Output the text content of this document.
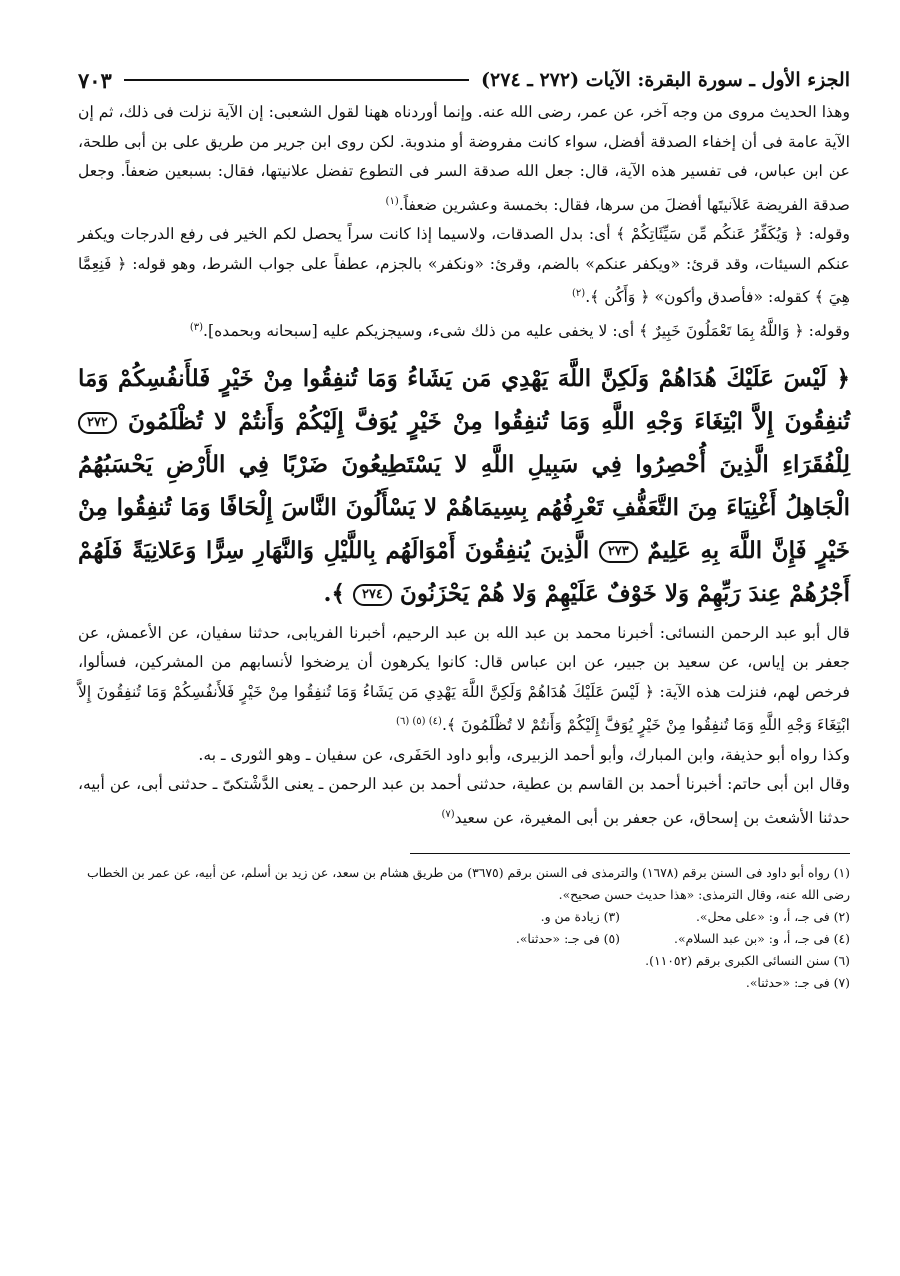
الجزء الأول ـ سورة البقرة: الآيات (٢٧٢ ـ ٢٧٤)
٧٠٣

وهذا الحديث مروى من وجه آخر، عن عمر، رضى الله عنه. وإنما أوردناه ههنا لقول الشعبى: إن الآية نزلت فى ذلك، ثم إن الآية عامة فى أن إخفاء الصدقة أفضل، سواء كانت مفروضة أو مندوبة. لكن روى ابن جرير من طريق على بن أبى طلحة، عن ابن عباس، فى تفسير هذه الآية، قال: جعل الله صدقة السر فى التطوع تفضل علانيتها، فقال: بسبعين ضعفاً. وجعل صدقة الفريضة عَلاَنيتَها أفضلَ من سرها، فقال: بخمسة وعشرين ضعفاً.$^{(١)}$

وقوله: ﴿ وَيُكَفِّرُ عَنكُم مِّن سَيِّئَاتِكُمْ ﴾ أى: بدل الصدقات، ولاسيما إذا كانت سراً يحصل لكم الخير فى رفع الدرجات ويكفر عنكم السيئات، وقد قرئ: «ويكفر عنكم» بالضم، وقرئ: «ونكفر» بالجزم، عطفاً على جواب الشرط، وهو قوله: ﴿ فَنِعِمَّا هِيَ ﴾ كقوله: «فأصدق وأكون» ﴿ وَأَكُن ﴾.$^{(٢)}$

وقوله: ﴿ وَاللَّهُ بِمَا تَعْمَلُونَ خَبِيرٌ ﴾ أى: لا يخفى عليه من ذلك شىء، وسيجزيكم عليه [سبحانه وبحمده].$^{(٣)}$

﴿ لَيْسَ عَلَيْكَ هُدَاهُمْ وَلَكِنَّ اللَّهَ يَهْدِي مَن يَشَاءُ وَمَا تُنفِقُوا مِنْ خَيْرٍ فَلأَنفُسِكُمْ وَمَا تُنفِقُونَ إِلاَّ ابْتِغَاءَ وَجْهِ اللَّهِ وَمَا تُنفِقُوا مِنْ خَيْرٍ يُوَفَّ إِلَيْكُمْ وَأَنتُمْ لا تُظْلَمُونَ ٢٧٢ لِلْفُقَرَاءِ الَّذِينَ أُحْصِرُوا فِي سَبِيلِ اللَّهِ لا يَسْتَطِيعُونَ ضَرْبًا فِي الأَرْضِ يَحْسَبُهُمُ الْجَاهِلُ أَغْنِيَاءَ مِنَ التَّعَفُّفِ تَعْرِفُهُم بِسِيمَاهُمْ لا يَسْأَلُونَ النَّاسَ إِلْحَافًا وَمَا تُنفِقُوا مِنْ خَيْرٍ فَإِنَّ اللَّهَ بِهِ عَلِيمٌ ٢٧٣ الَّذِينَ يُنفِقُونَ أَمْوَالَهُم بِاللَّيْلِ وَالنَّهَارِ سِرًّا وَعَلانِيَةً فَلَهُمْ أَجْرُهُمْ عِندَ رَبِّهِمْ وَلا خَوْفٌ عَلَيْهِمْ وَلا هُمْ يَحْزَنُونَ ٢٧٤ ﴾.

قال أبو عبد الرحمن النسائى: أخبرنا محمد بن عبد الله بن عبد الرحيم، أخبرنا الفريابى، حدثنا سفيان، عن الأعمش، عن جعفر بن إياس، عن سعيد بن جبير، عن ابن عباس قال: كانوا يكرهون أن يرضخوا لأنسابهم من المشركين، فسألوا، فرخص لهم، فنزلت هذه الآية: ﴿ لَيْسَ عَلَيْكَ هُدَاهُمْ وَلَكِنَّ اللَّهَ يَهْدِي مَن يَشَاءُ وَمَا تُنفِقُوا مِنْ خَيْرٍ فَلأَنفُسِكُمْ وَمَا تُنفِقُونَ إِلاَّ ابْتِغَاءَ وَجْهِ اللَّهِ وَمَا تُنفِقُوا مِنْ خَيْرٍ يُوَفَّ إِلَيْكُمْ وَأَنتُمْ لا تُظْلَمُونَ ﴾.$^{(٤) (٥) (٦)}$

وكذا رواه أبو حذيفة، وابن المبارك، وأبو أحمد الزبيرى، وأبو داود الحَفَرى، عن سفيان ـ وهو الثورى ـ به.

وقال ابن أبى حاتم: أخبرنا أحمد بن القاسم بن عطية، حدثنى أحمد بن عبد الرحمن ـ يعنى الدَّشْتكىّ ـ حدثنى أبى، عن أبيه، حدثنا الأشعث بن إسحاق، عن جعفر بن أبى المغيرة، عن سعيد$^{(٧)}$

(١) رواه أبو داود فى السنن برقم (١٦٧٨) والترمذى فى السنن برقم (٣٦٧٥) من طريق هشام بن سعد، عن زيد بن أسلم، عن أبيه، عن عمر بن الخطاب رضى الله عنه، وقال الترمذى: «هذا حديث حسن صحيح».

(٢) فى جـ، أ، و: «على محل».
(٣) زيادة من و.
(٤) فى جـ، أ، و: «بن عبد السلام».
(٥) فى جـ: «حدثنا».

(٦) سنن النسائى الكبرى برقم (١١٠٥٢).

(٧) فى جـ: «حدثنا».
